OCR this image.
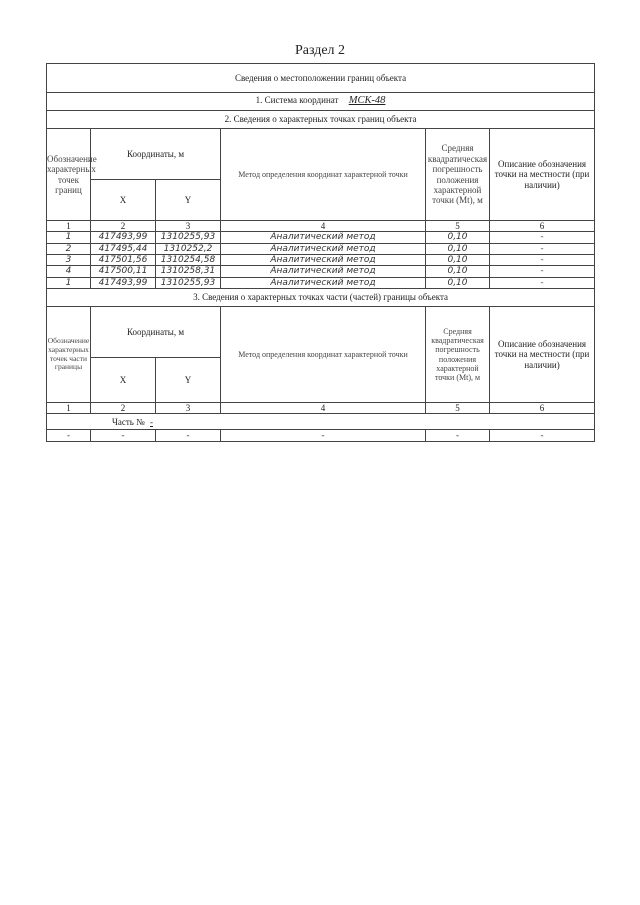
Раздел 2
Сведения о местоположении границ объекта					
1. Система координат МСК-48					
2. Сведения о характерных точках границ объекта					
Обозначение характерных точек границ	Координаты, м		Метод определения координат характерной точки	Средняя квадратическая погрешность положения характерной точки (Mt), м	Описание обозначения точки на местности (при наличии)
	X	Y			
1	2	3	4	5	6
1	417493,99	1310255,93	Аналитический метод	0,10	-
2	417495,44	1310252,2	Аналитический метод	0,10	-
3	417501,56	1310254,58	Аналитический метод	0,10	-
4	417500,11	1310258,31	Аналитический метод	0,10	-
1	417493,99	1310255,93	Аналитический метод	0,10	-
3. Сведения о характерных точках части (частей) границы объекта					
Обозначение характерных точек части границы	Координаты, м		Метод определения координат характерной точки	Средняя квадратическая погрешность положения характерной точки (Mt), м	Описание обозначения точки на местности (при наличии)
	X	Y			
1	2	3	4	5	6
Часть № -					
-	-	-	-	-	-
